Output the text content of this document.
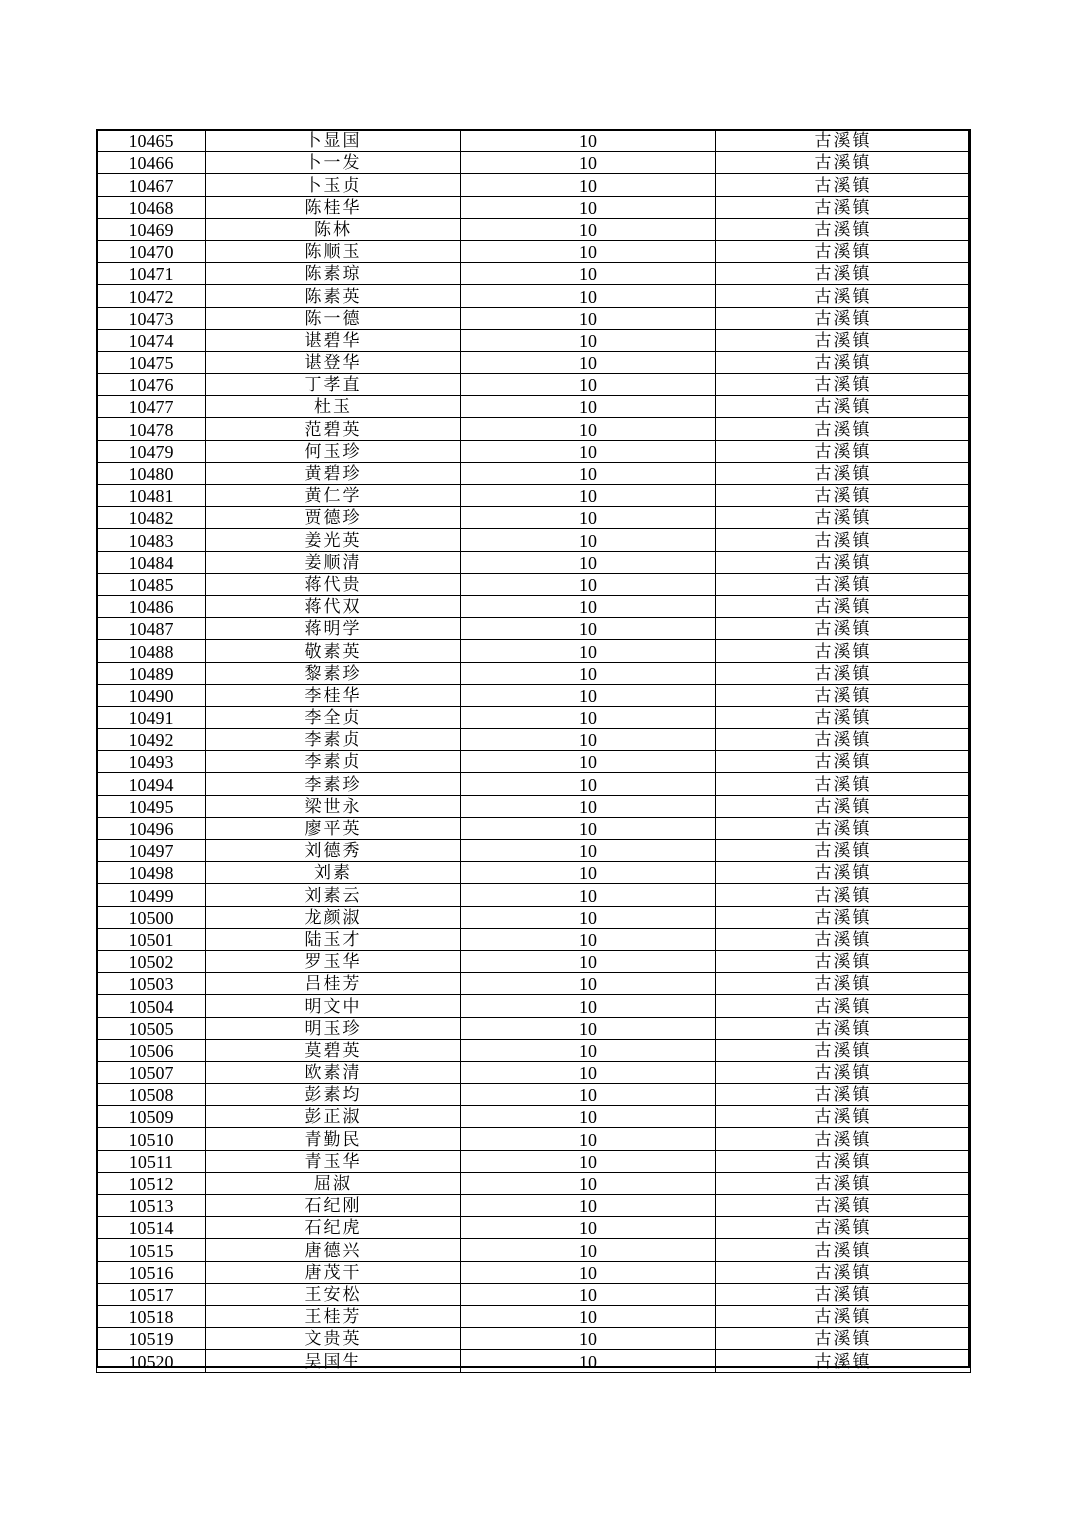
10465	卜显国	10	古溪镇
10466	卜一发	10	古溪镇
10467	卜玉贞	10	古溪镇
10468	陈桂华	10	古溪镇
10469	陈林	10	古溪镇
10470	陈顺玉	10	古溪镇
10471	陈素琼	10	古溪镇
10472	陈素英	10	古溪镇
10473	陈一德	10	古溪镇
10474	谌碧华	10	古溪镇
10475	谌登华	10	古溪镇
10476	丁孝直	10	古溪镇
10477	杜玉	10	古溪镇
10478	范碧英	10	古溪镇
10479	何玉珍	10	古溪镇
10480	黄碧珍	10	古溪镇
10481	黄仁学	10	古溪镇
10482	贾德珍	10	古溪镇
10483	姜光英	10	古溪镇
10484	姜顺清	10	古溪镇
10485	蒋代贵	10	古溪镇
10486	蒋代双	10	古溪镇
10487	蒋明学	10	古溪镇
10488	敬素英	10	古溪镇
10489	黎素珍	10	古溪镇
10490	李桂华	10	古溪镇
10491	李全贞	10	古溪镇
10492	李素贞	10	古溪镇
10493	李素贞	10	古溪镇
10494	李素珍	10	古溪镇
10495	梁世永	10	古溪镇
10496	廖平英	10	古溪镇
10497	刘德秀	10	古溪镇
10498	刘素	10	古溪镇
10499	刘素云	10	古溪镇
10500	龙颜淑	10	古溪镇
10501	陆玉才	10	古溪镇
10502	罗玉华	10	古溪镇
10503	吕桂芳	10	古溪镇
10504	明文中	10	古溪镇
10505	明玉珍	10	古溪镇
10506	莫碧英	10	古溪镇
10507	欧素清	10	古溪镇
10508	彭素均	10	古溪镇
10509	彭正淑	10	古溪镇
10510	青勤民	10	古溪镇
10511	青玉华	10	古溪镇
10512	屈淑	10	古溪镇
10513	石纪刚	10	古溪镇
10514	石纪虎	10	古溪镇
10515	唐德兴	10	古溪镇
10516	唐茂干	10	古溪镇
10517	王安松	10	古溪镇
10518	王桂芳	10	古溪镇
10519	文贵英	10	古溪镇
10520	吴国生	10	古溪镇
